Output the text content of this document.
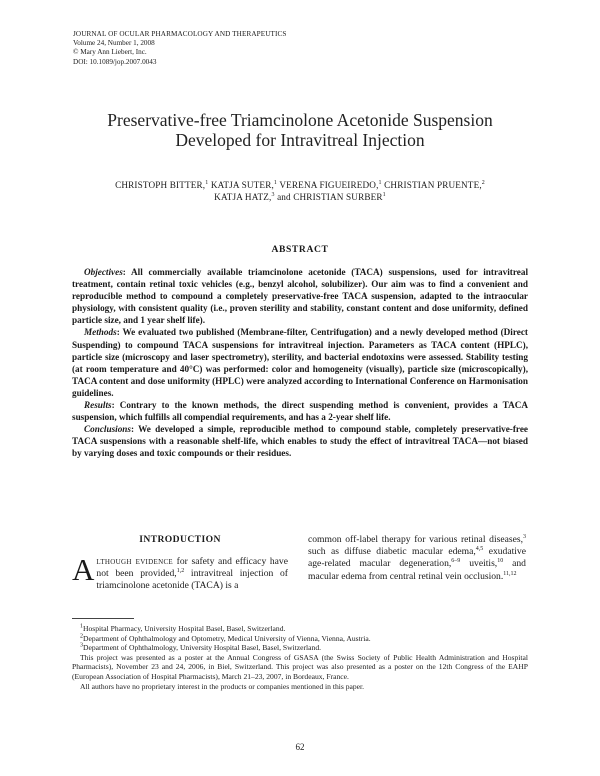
JOURNAL OF OCULAR PHARMACOLOGY AND THERAPEUTICS
Volume 24, Number 1, 2008
© Mary Ann Liebert, Inc.
DOI: 10.1089/jop.2007.0043
Preservative-free Triamcinolone Acetonide Suspension
Developed for Intravitreal Injection
CHRISTOPH BITTER,$^1$ KATJA SUTER,$^1$ VERENA FIGUEIREDO,$^1$ CHRISTIAN PRUENTE,$^2$
KATJA HATZ,$^3$ and CHRISTIAN SURBER$^1$
ABSTRACT

Objectives: All commercially available triamcinolone acetonide (TACA) suspensions, used for intravitreal treatment, contain retinal toxic vehicles (e.g., benzyl alcohol, solubilizer). Our aim was to find a convenient and reproducible method to compound a completely preservative-free TACA suspension, adapted to the intraocular physiology, with consistent quality (i.e., proven sterility and stability, constant content and dose uniformity, defined particle size, and 1 year shelf life).

Methods: We evaluated two published (Membrane-filter, Centrifugation) and a newly developed method (Direct Suspending) to compound TACA suspensions for intravitreal injection. Parameters as TACA content (HPLC), particle size (microscopy and laser spectrometry), sterility, and bacterial endotoxins were assessed. Stability testing (at room temperature and 40°C) was performed: color and homogeneity (visually), particle size (microscopically), TACA content and dose uniformity (HPLC) were analyzed according to International Conference on Harmonisation guidelines.

Results: Contrary to the known methods, the direct suspending method is convenient, provides a TACA suspension, which fulfills all compendial requirements, and has a 2-year shelf life.

Conclusions: We developed a simple, reproducible method to compound stable, completely preservative-free TACA suspensions with a reasonable shelf-life, which enables to study the effect of intravitreal TACA—not biased by varying doses and toxic compounds or their residues.

INTRODUCTION
Although evidence for safety and efficacy have not been provided,$^{1,2}$ intravitreal injection of triamcinolone acetonide (TACA) is a
common off-label therapy for various retinal diseases,$^3$ such as diffuse diabetic macular edema,$^{4,5}$ exudative age-related macular degeneration,$^{6-9}$ uveitis,$^{10}$ and macular edema from central retinal vein occlusion.$^{11,12}$

$^1$Hospital Pharmacy, University Hospital Basel, Basel, Switzerland.

$^2$Department of Ophthalmology and Optometry, Medical University of Vienna, Vienna, Austria.

$^3$Department of Ophthalmology, University Hospital Basel, Basel, Switzerland.

This project was presented as a poster at the Annual Congress of GSASA (the Swiss Society of Public Health Administration and Hospital Pharmacists), November 23 and 24, 2006, in Biel, Switzerland. This project was also presented as a poster on the 12th Congress of the EAHP (European Association of Hospital Pharmacists), March 21–23, 2007, in Bordeaux, France.

All authors have no proprietary interest in the products or companies mentioned in this paper.

62
